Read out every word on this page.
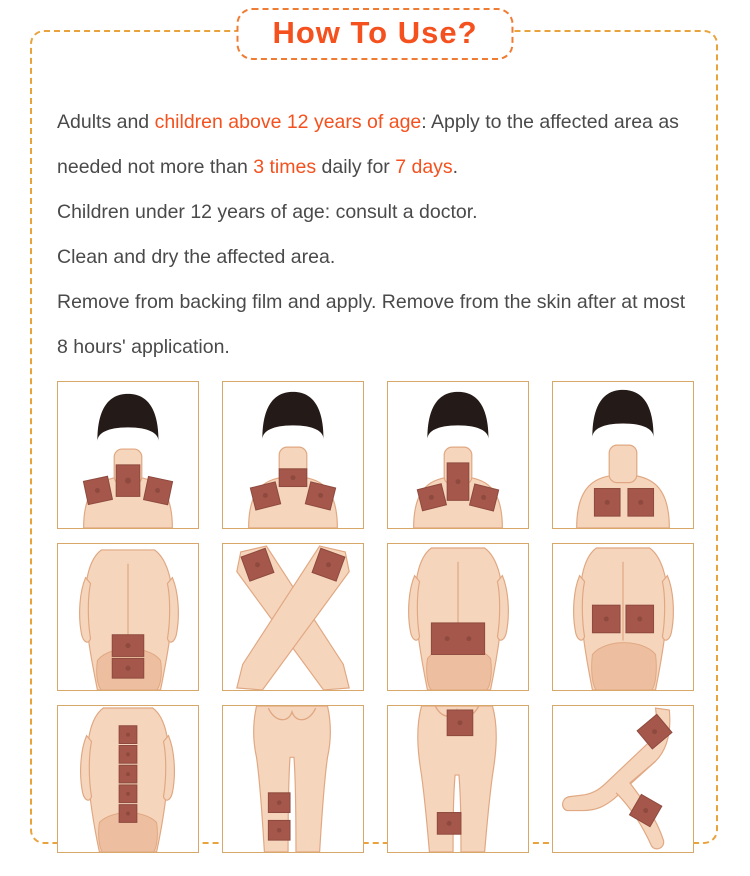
How To Use?

Adults and children above 12 years of age: Apply to the affected area as needed not more than 3 times daily for 7 days.

Children under 12 years of age: consult a doctor.

Clean and dry the affected area.

Remove from backing film and apply. Remove from the skin after at most 8 hours' application.
